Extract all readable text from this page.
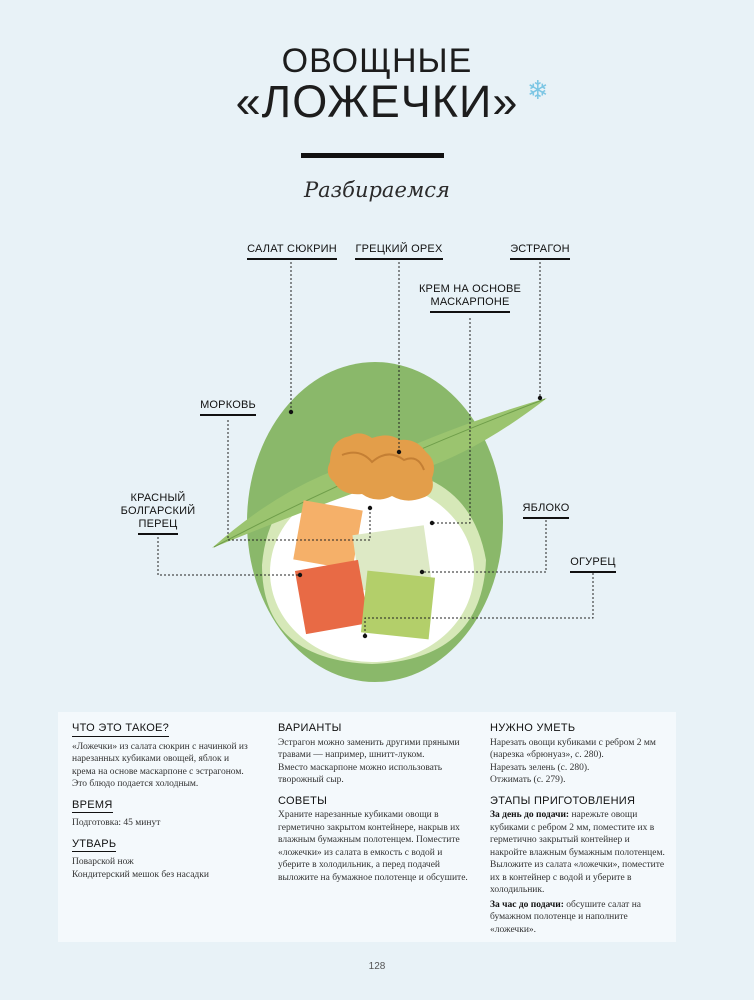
ОВОЩНЫЕ
«ЛОЖЕЧКИ» ❄
Разбираемся
САЛАТ СЮКРИН	ГРЕЦКИЙ ОРЕХ	ЭСТРАГОН
КРЕМ НА ОСНОВЕ
МАСКАРПОНЕ
МОРКОВЬ
КРАСНЫЙ
БОЛГАРСКИЙ
ПЕРЕЦ
ЯБЛОКО
ОГУРЕЦ
ЧТО ЭТО ТАКОЕ?

«Ложечки» из салата сюкрин с начинкой из нарезанных кубиками овощей, яблок и крема на основе маскарпоне с эстрагоном. Это блюдо подается холодным.

ВРЕМЯ

Подготовка: 45 минут

УТВАРЬ
Поварской нож
Кондитерский мешок без насадки
ВАРИАНТЫ

Эстрагон можно заменить другими пряными травами — например, шнитт-луком.

Вместо маскарпоне можно использовать творожный сыр.

СОВЕТЫ

Храните нарезанные кубиками овощи в герметично закрытом контейнере, накрыв их влажным бумажным полотенцем. Поместите «ложечки» из салата в емкость с водой и уберите в холодильник, а перед подачей выложите на бумажное полотенце и обсушите.

НУЖНО УМЕТЬ
Нарезать овощи кубиками с ребром 2 мм (нарезка «брюнуаз», с. 280).
Нарезать зелень (с. 280).
Отжимать (с. 279).
ЭТАПЫ ПРИГОТОВЛЕНИЯ

За день до подачи: нарежьте овощи кубиками с ребром 2 мм, поместите их в герметично закрытый контейнер и накройте влажным бумажным полотенцем. Выложите из салата «ложечки», поместите их в контейнер с водой и уберите в холодильник.

За час до подачи: обсушите салат на бумажном полотенце и наполните «ложечки».

128
